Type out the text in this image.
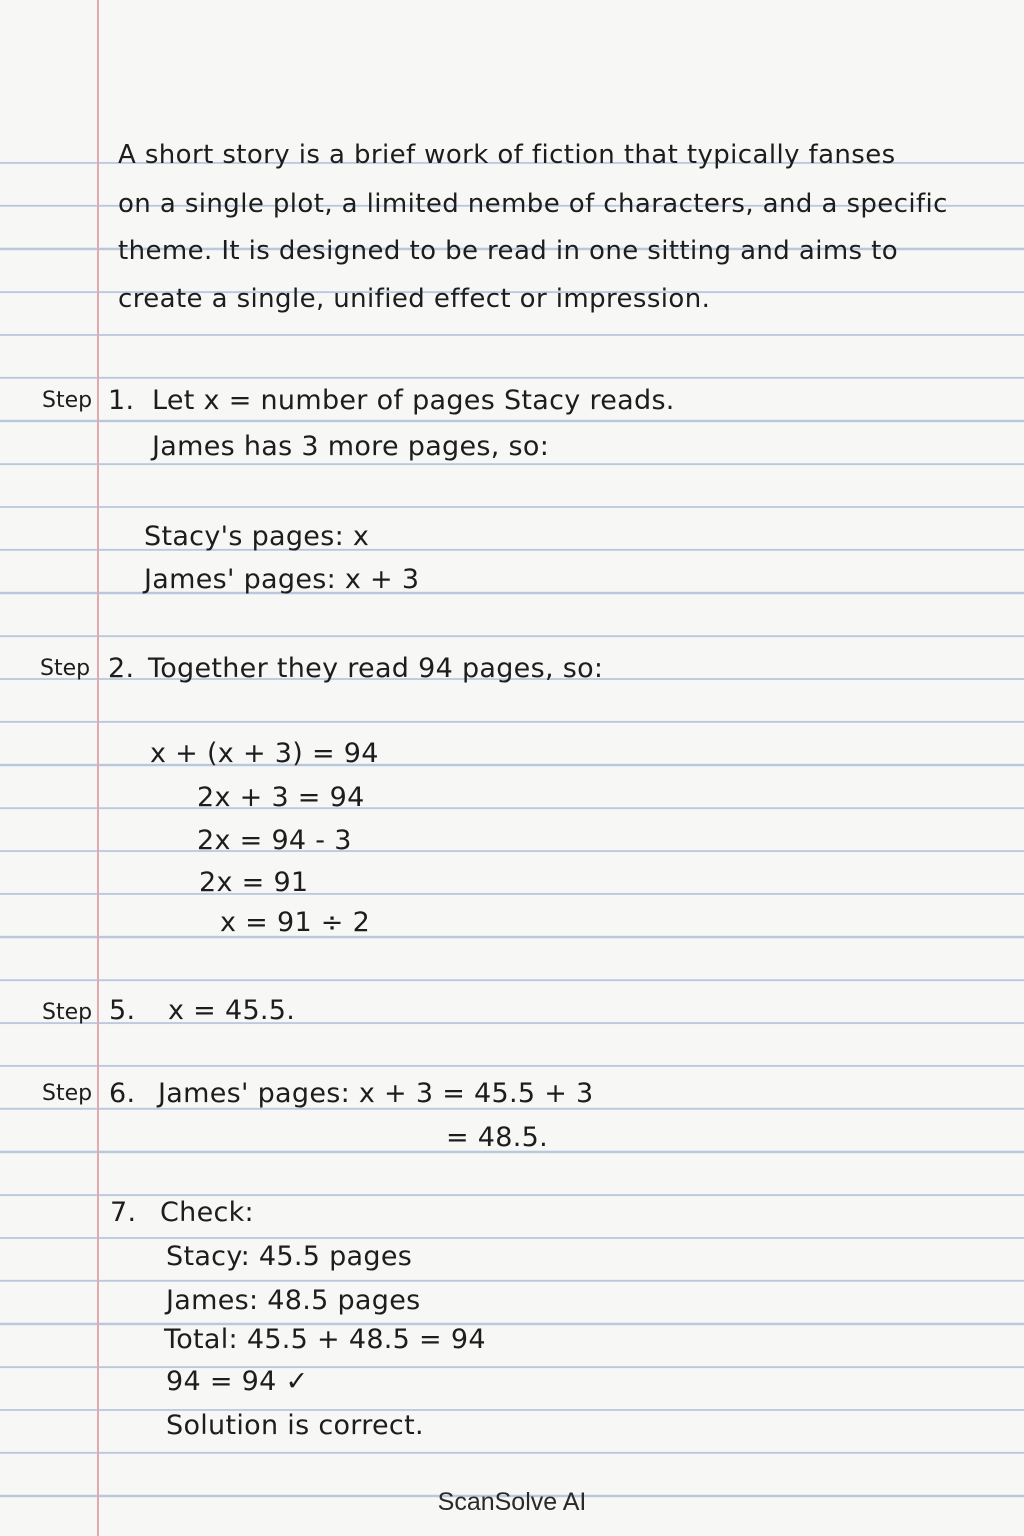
A short story is a brief work of fiction that typically fanses
on a single plot, a limited nembe of characters, and a specific
theme. It is designed to be read in one sitting and aims to
create a single, unified effect or impression.
Step 1. Let x = number of pages Stacy reads.
James has 3 more pages, so:
Stacy's pages: x
James' pages: x + 3
Step 2. Together they read 94 pages, so:
x + (x + 3) = 94
2x + 3 = 94
2x = 94 - 3
2x = 91
x = 91 ÷ 2
Step 5. x = 45.5.
Step 6. James' pages: x + 3 = 45.5 + 3
= 48.5.
7. Check:
Stacy: 45.5 pages
James: 48.5 pages
Total: 45.5 + 48.5 = 94
94 = 94 ✓
Solution is correct.
ScanSolve AI
